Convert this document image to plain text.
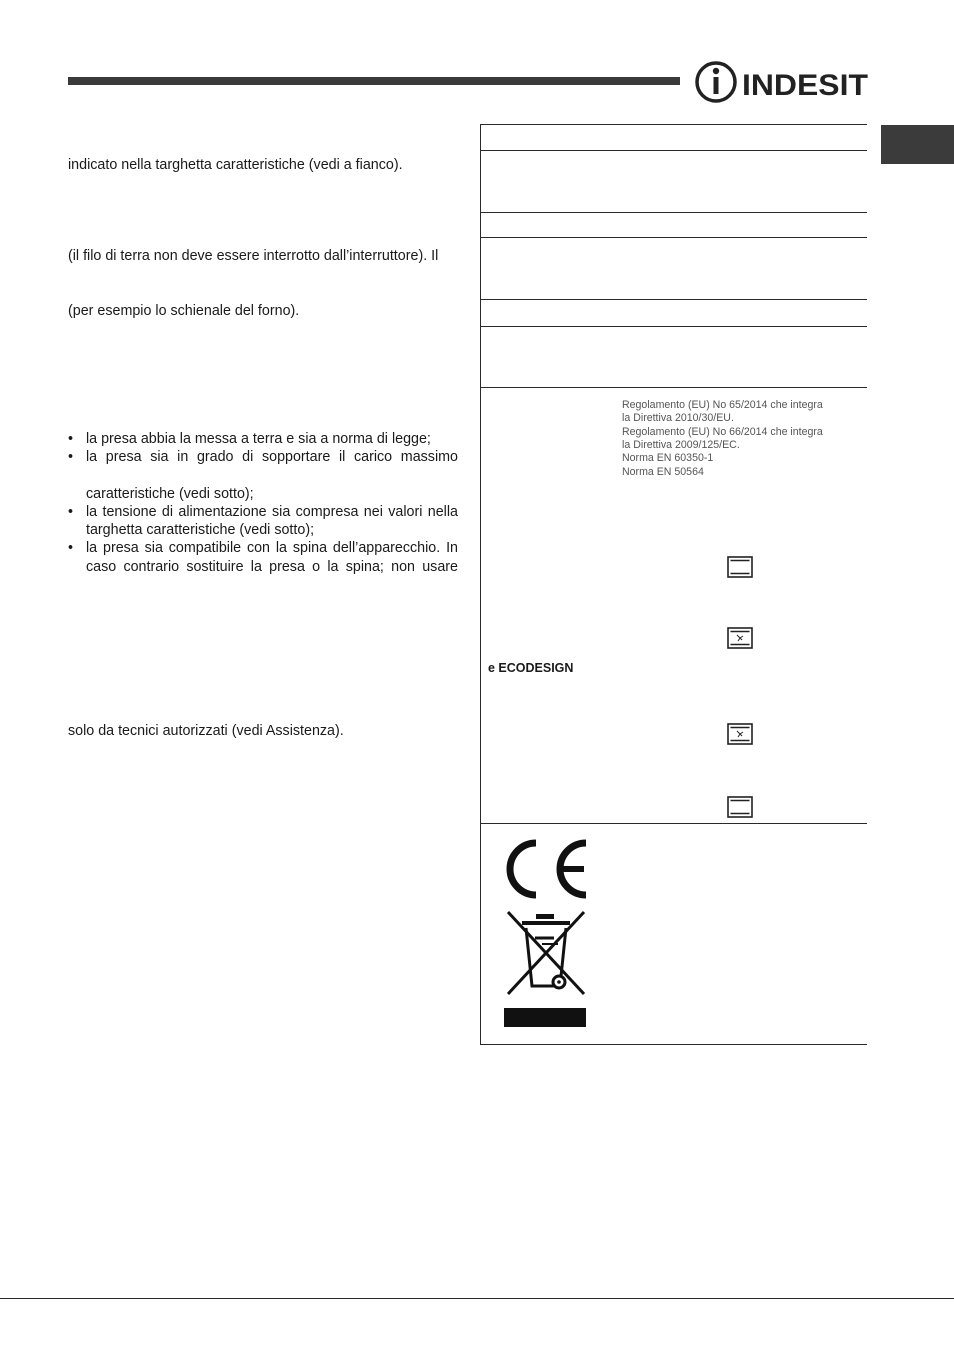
INDESIT
indicato nella targhetta caratteristiche (vedi a fianco).
(il filo di terra non deve essere interrotto dall’interruttore). Il
(per esempio lo schienale del forno).
• la presa abbia la messa a terra e sia a norma di legge;
• la presa sia in grado di sopportare il carico massimo
caratteristiche (vedi sotto);
• la tensione di alimentazione sia compresa nei valori nella
targhetta caratteristiche (vedi sotto);
• la presa sia compatibile con la spina dell’apparecchio. In
caso contrario sostituire la presa o la spina; non usare
solo da tecnici autorizzati (vedi Assistenza).
Regolamento (EU) No 65/2014 che integra
la Direttiva 2010/30/EU.
Regolamento (EU) No 66/2014 che integra
la Direttiva 2009/125/EC.
Norma EN 60350-1
Norma EN 50564
e ECODESIGN
